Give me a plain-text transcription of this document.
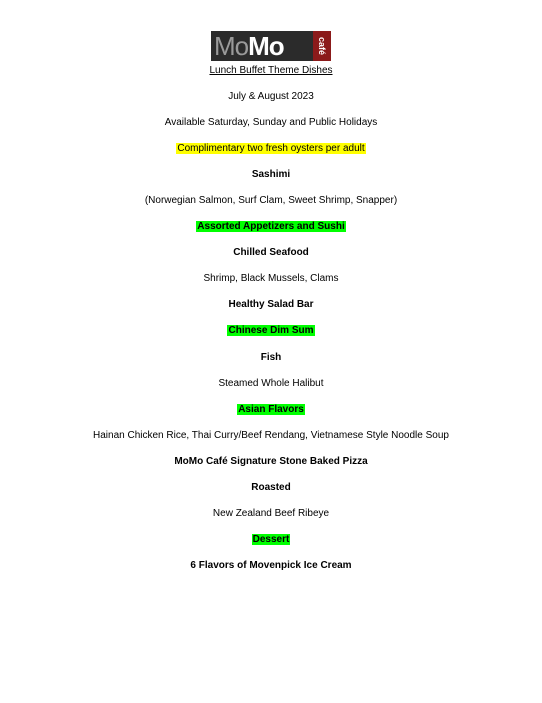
Mo Mo	café
Lunch Buffet Theme Dishes
July & August 2023
Available Saturday, Sunday and Public Holidays
Complimentary two fresh oysters per adult
Sashimi
(Norwegian Salmon, Surf Clam, Sweet Shrimp, Snapper)
Assorted Appetizers and Sushi
Chilled Seafood
Shrimp, Black Mussels, Clams
Healthy Salad Bar
Chinese Dim Sum
Fish
Steamed Whole Halibut
Asian Flavors
Hainan Chicken Rice, Thai Curry/Beef Rendang, Vietnamese Style Noodle Soup
MoMo Café Signature Stone Baked Pizza
Roasted
New Zealand Beef Ribeye
Dessert
6 Flavors of Movenpick Ice Cream
